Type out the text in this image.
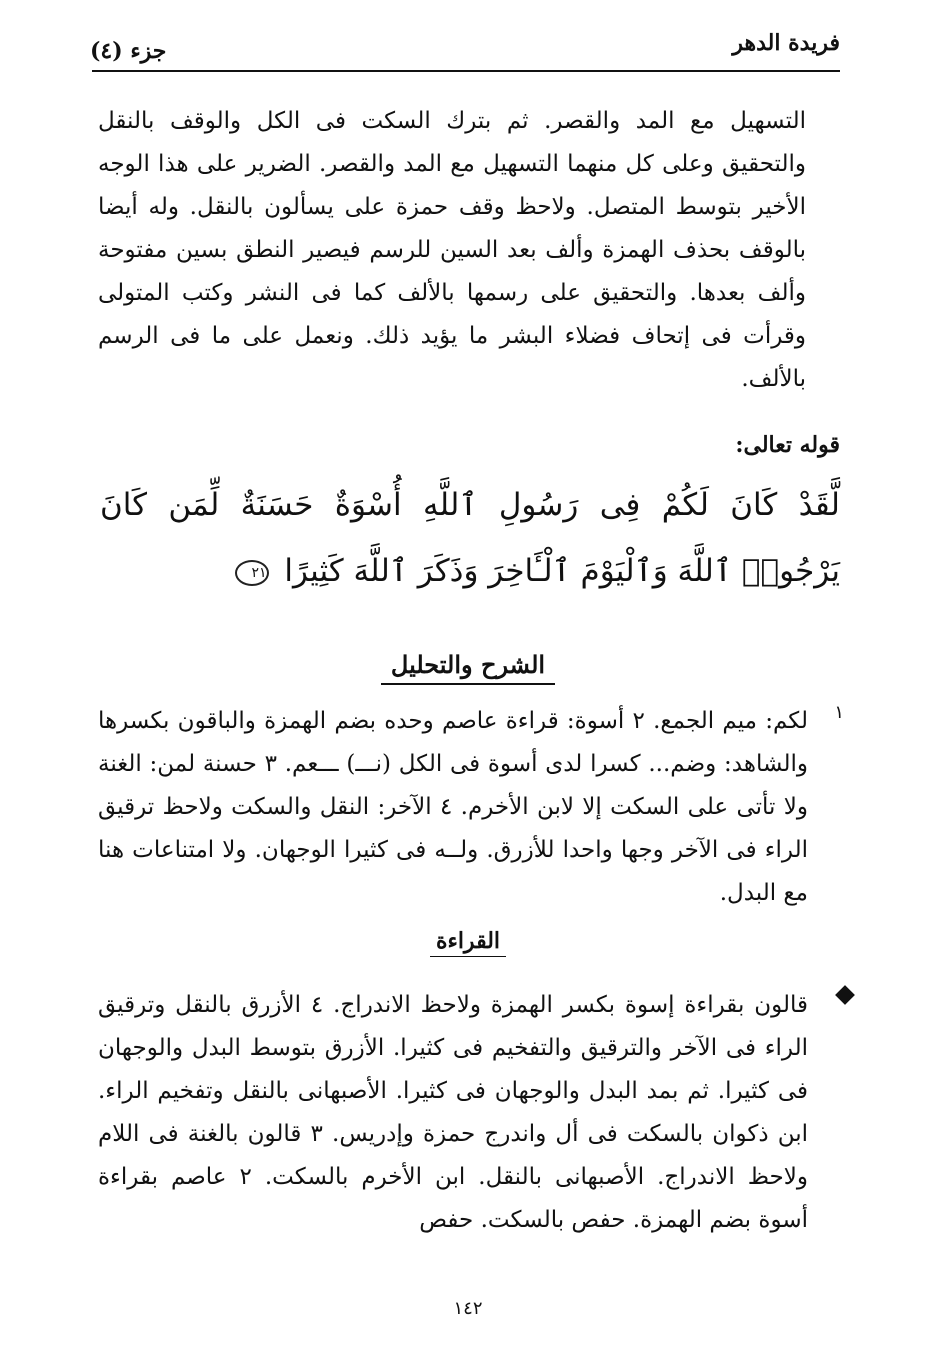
فريدة الدهر
جزء (٤)
التسهيل مع المد والقصر. ثم بترك السكت فى الكل والوقف بالنقل والتحقيق وعلى كل منهما التسهيل مع المد والقصر. الضرير على هذا الوجه الأخير بتوسط المتصل. ولاحظ وقف حمزة على يسألون بالنقل. وله أيضا بالوقف بحذف الهمزة وألف بعد السين للرسم فيصير النطق بسين مفتوحة وألف بعدها. والتحقيق على رسمها بالألف كما فى النشر وكتب المتولى وقرأت فى إتحاف فضلاء البشر ما يؤيد ذلك. ونعمل على ما فى الرسم بالألف.
قوله تعالى:
لَّقَدْ كَانَ لَكُمْ فِى رَسُولِ ٱللَّهِ أُسْوَةٌ حَسَنَةٌ لِّمَن كَانَ يَرْجُوا۟ ٱللَّهَ وَٱلْيَوْمَ ٱلْـَٔاخِرَ وَذَكَرَ ٱللَّهَ كَثِيرًا ٢١
الشرح والتحليل
١
لكم: ميم الجمع. ٢ أسوة: قراءة عاصم وحده بضم الهمزة والباقون بكسرها والشاهد: وضم... كسرا لدى أسوة فى الكل (نـــ) ـــعم. ٣ حسنة لمن: الغنة ولا تأتى على السكت إلا لابن الأخرم. ٤ الآخر: النقل والسكت ولاحظ ترقيق الراء فى الآخر وجها واحدا للأزرق. ولــه فى كثيرا الوجهان. ولا امتناعات هنا مع البدل.
القراءة
قالون بقراءة إسوة بكسر الهمزة ولاحظ الاندراج. ٤ الأزرق بالنقل وترقيق الراء فى الآخر والترقيق والتفخيم فى كثيرا. الأزرق بتوسط البدل والوجهان فى كثيرا. ثم بمد البدل والوجهان فى كثيرا. الأصبهانى بالنقل وتفخيم الراء. ابن ذكوان بالسكت فى أل واندرج حمزة وإدريس. ٣ قالون بالغنة فى اللام ولاحظ الاندراج. الأصبهانى بالنقل. ابن الأخرم بالسكت. ٢ عاصم بقراءة أسوة بضم الهمزة. حفص بالسكت. حفص
١٤٢
